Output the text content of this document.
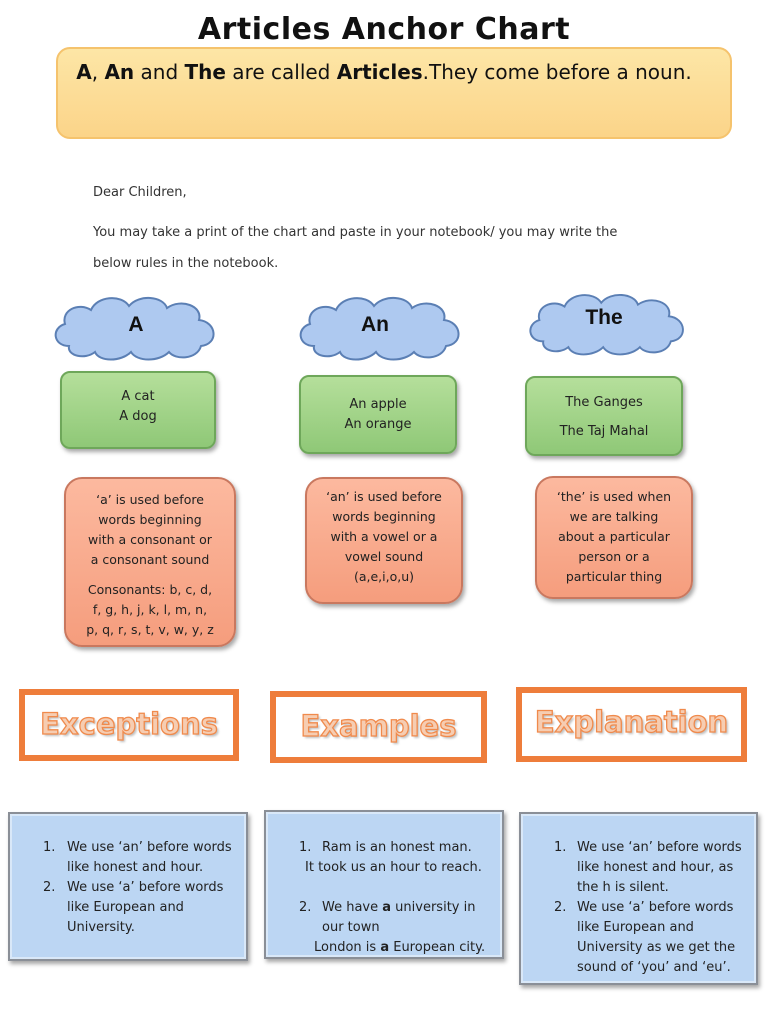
Articles Anchor Chart
A, An and The are called Articles.They come before a noun.
Dear Children,
You may take a print of the chart and paste in your notebook/ you may write the
below rules in the notebook.
A	An	The
A cat
A dog
An apple
An orange
The Ganges
The Taj Mahal
‘a’ is used before
words beginning
with a consonant or
a consonant sound
Consonants: b, c, d,
f, g, h, j, k, l, m, n,
p, q, r, s, t, v, w, y, z
‘an’ is used before
words beginning
with a vowel or a
vowel sound
(a,e,i,o,u)
‘the’ is used when
we are talking
about a particular
person or a
particular thing
Exceptions	Examples	Explanation
1. We use ‘an’ before words
like honest and hour.
2. We use ‘a’ before words
like European and
University.
1. Ram is an honest man.
It took us an hour to reach.
2. We have a university in
our town
London is a European city.
1. We use ‘an’ before words
like honest and hour, as
the h is silent.
2. We use ‘a’ before words
like European and
University as we get the
sound of ‘you’ and ‘eu’.
